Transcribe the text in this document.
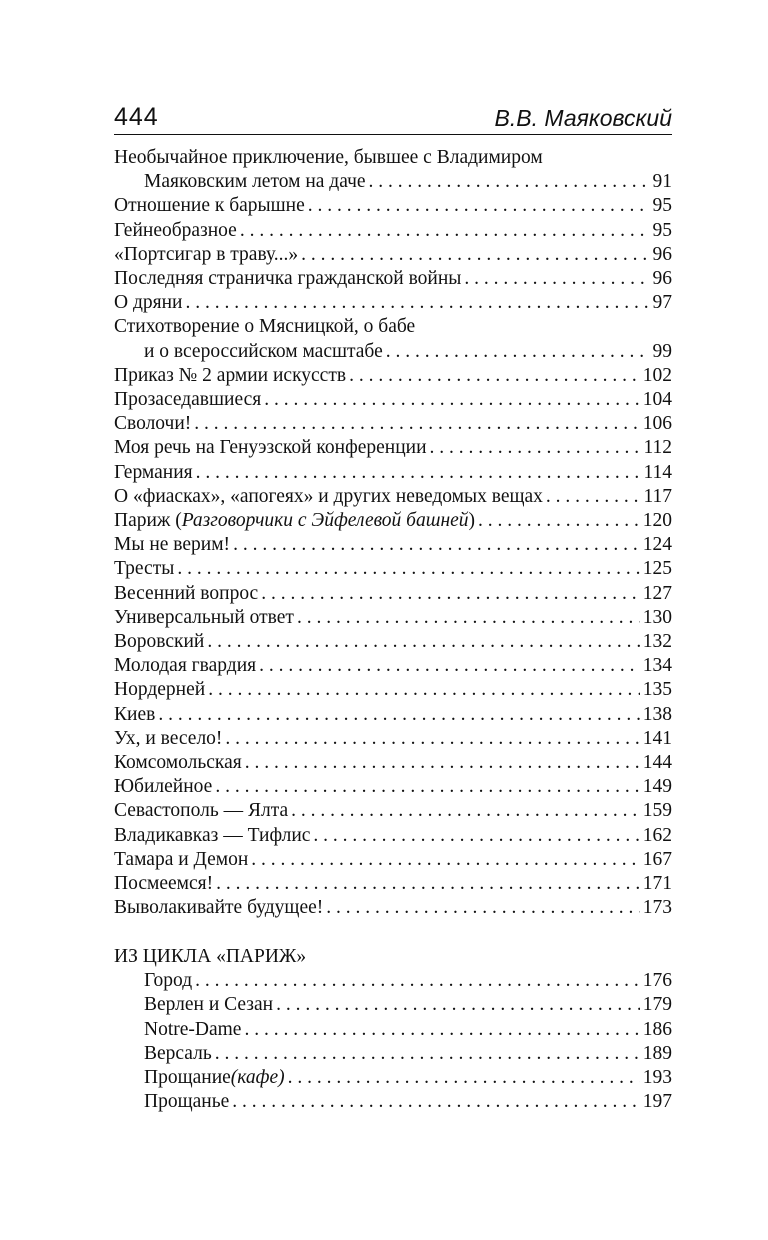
444	В.В. Маяковский
Необычайное приключение, бывшее с Владимиром
Маяковским летом на даче . . .	91
Отношение к барышне . . .	95
Гейнеобразное . . .	95
«Портсигар в траву...» . . .	96
Последняя страничка гражданской войны . . .	96
О дряни . . .	97
Стихотворение о Мясницкой, о бабе
и о всероссийском масштабе . . .	99
Приказ № 2 армии искусств . . .	102
Прозаседавшиеся . . .	104
Сволочи! . . .	106
Моя речь на Генуэзской конференции . . .	112
Германия . . .	114
О «фиасках», «апогеях» и других неведомых вещах . . .	117
Париж ( Разговорчики с Эйфелевой башней ) . . .	120
Мы не верим! . . .	124
Тресты . . .	125
Весенний вопрос . . .	127
Универсальный ответ . . .	130
Воровский . . .	132
Молодая гвардия . . .	134
Нордерней . . .	135
Киев . . .	138
Ух, и весело! . . .	141
Комсомольская . . .	144
Юбилейное . . .	149
Севастополь — Ялта . . .	159
Владикавказ — Тифлис . . .	162
Тамара и Демон . . .	167
Посмеемся! . . .	171
Выволакивайте будущее! . . .	173
ИЗ ЦИКЛА «ПАРИЖ»
Город . . .	176
Верлен и Сезан . . .	179
Notre-Dame . . .	186
Версаль . . .	189
Прощание (кафе) . . .	193
Прощанье . . .	197
